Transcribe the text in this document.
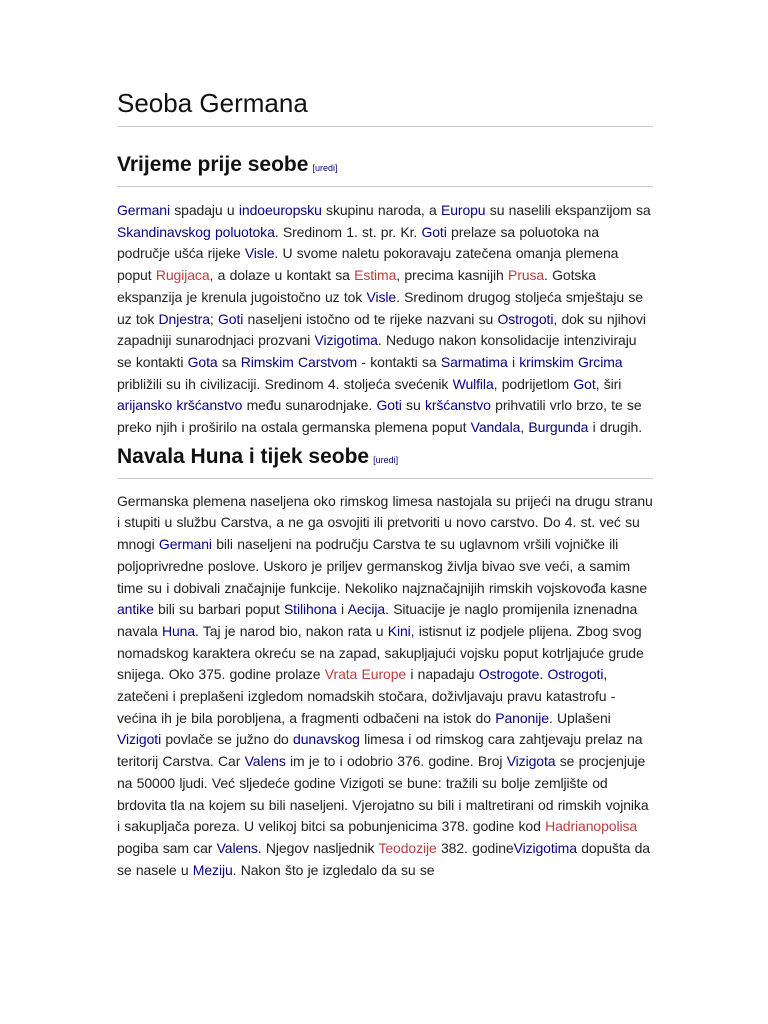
Seoba Germana
Vrijeme prije seobe [uredi]

Germani spadaju u indoeuropsku skupinu naroda, a Europu su naselili ekspanzijom sa Skandinavskog poluotoka. Sredinom 1. st. pr. Kr. Goti prelaze sa poluotoka na područje ušća rijeke Visle. U svome naletu pokoravaju zatečena omanja plemena poput Rugijaca, a dolaze u kontakt sa Estima, precima kasnijih Prusa. Gotska ekspanzija je krenula jugoistočno uz tok Visle. Sredinom drugog stoljeća smještaju se uz tok Dnjestra; Goti naseljeni istočno od te rijeke nazvani su Ostrogoti, dok su njihovi zapadniji sunarodnjaci prozvani Vizigotima. Nedugo nakon konsolidacije intenziviraju se kontakti Gota sa Rimskim Carstvom - kontakti sa Sarmatima i krimskim Grcima približili su ih civilizaciji. Sredinom 4. stoljeća svećenik Wulfila, podrijetlom Got, širi arijansko kršćanstvo među sunarodnjake. Goti su kršćanstvo prihvatili vrlo brzo, te se preko njih i proširilo na ostala germanska plemena poput Vandala, Burgunda i drugih.

Navala Huna i tijek seobe [uredi]

Germanska plemena naseljena oko rimskog limesa nastojala su prijeći na drugu stranu i stupiti u službu Carstva, a ne ga osvojiti ili pretvoriti u novo carstvo. Do 4. st. već su mnogi Germani bili naseljeni na području Carstva te su uglavnom vršili vojničke ili poljoprivredne poslove. Uskoro je priljev germanskog življa bivao sve veći, a samim time su i dobivali značajnije funkcije. Nekoliko najznačajnijih rimskih vojskovođa kasne antike bili su barbari poput Stilihona i Aecija. Situacije je naglo promijenila iznenadna navala Huna. Taj je narod bio, nakon rata u Kini, istisnut iz podjele plijena. Zbog svog nomadskog karaktera okreću se na zapad, sakupljajući vojsku poput kotrljajuće grude snijega. Oko 375. godine prolaze Vrata Europe i napadaju Ostrogote. Ostrogoti, zatečeni i preplašeni izgledom nomadskih stočara, doživljavaju pravu katastrofu - većina ih je bila porobljena, a fragmenti odbačeni na istok do Panonije. Uplašeni Vizigoti povlače se južno do dunavskog limesa i od rimskog cara zahtjevaju prelaz na teritorij Carstva. Car Valens im je to i odobrio 376. godine. Broj Vizigota se procjenjuje na 50000 ljudi. Već sljedeće godine Vizigoti se bune: tražili su bolje zemljište od brdovita tla na kojem su bili naseljeni. Vjerojatno su bili i maltretirani od rimskih vojnika i sakupljača poreza. U velikoj bitci sa pobunjenicima 378. godine kod Hadrianopolisa pogiba sam car Valens. Njegov nasljednik Teodozije 382. godineVizigotima dopušta da se nasele u Meziju. Nakon što je izgledalo da su se
